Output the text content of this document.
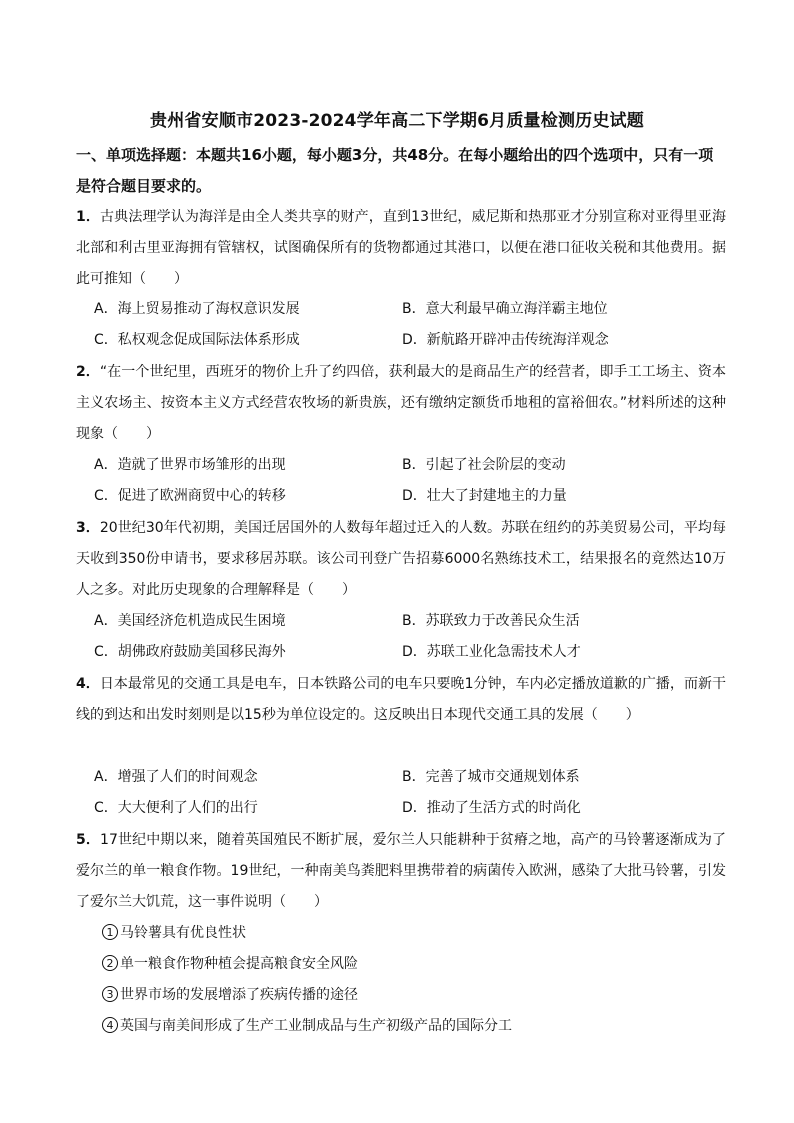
贵州省安顺市2023-2024学年高二下学期6月质量检测历史试题
一、单项选择题：本题共16小题，每小题3分，共48分。在每小题给出的四个选项中，只有一项是符合题目要求的。
1．古典法理学认为海洋是由全人类共享的财产，直到13世纪，威尼斯和热那亚才分别宣称对亚得里亚海北部和利古里亚海拥有管辖权，试图确保所有的货物都通过其港口，以便在港口征收关税和其他费用。据此可推知（　　）
A．海上贸易推动了海权意识发展	B．意大利最早确立海洋霸主地位
C．私权观念促成国际法体系形成	D．新航路开辟冲击传统海洋观念
2．“在一个世纪里，西班牙的物价上升了约四倍，获利最大的是商品生产的经营者，即手工工场主、资本主义农场主、按资本主义方式经营农牧场的新贵族，还有缴纳定额货币地租的富裕佃农。”材料所述的这种现象（　　）
A．造就了世界市场雏形的出现	B．引起了社会阶层的变动
C．促进了欧洲商贸中心的转移	D．壮大了封建地主的力量
3．20世纪30年代初期，美国迁居国外的人数每年超过迁入的人数。苏联在纽约的苏美贸易公司，平均每天收到350份申请书，要求移居苏联。该公司刊登广告招募6000名熟练技术工，结果报名的竟然达10万人之多。对此历史现象的合理解释是（　　）
A．美国经济危机造成民生困境	B．苏联致力于改善民众生活
C．胡佛政府鼓励美国移民海外	D．苏联工业化急需技术人才
4．日本最常见的交通工具是电车，日本铁路公司的电车只要晚1分钟，车内必定播放道歉的广播，而新干线的到达和出发时刻则是以15秒为单位设定的。这反映出日本现代交通工具的发展（　　）
A．增强了人们的时间观念	B．完善了城市交通规划体系
C．大大便利了人们的出行	D．推动了生活方式的时尚化
5．17世纪中期以来，随着英国殖民不断扩展，爱尔兰人只能耕种于贫瘠之地，高产的马铃薯逐渐成为了爱尔兰的单一粮食作物。19世纪，一种南美鸟粪肥料里携带着的病菌传入欧洲，感染了大批马铃薯，引发了爱尔兰大饥荒，这一事件说明（　　）
1 马铃薯具有优良性状
2 单一粮食作物种植会提高粮食安全风险
3 世界市场的发展增添了疾病传播的途径
4 英国与南美间形成了生产工业制成品与生产初级产品的国际分工
